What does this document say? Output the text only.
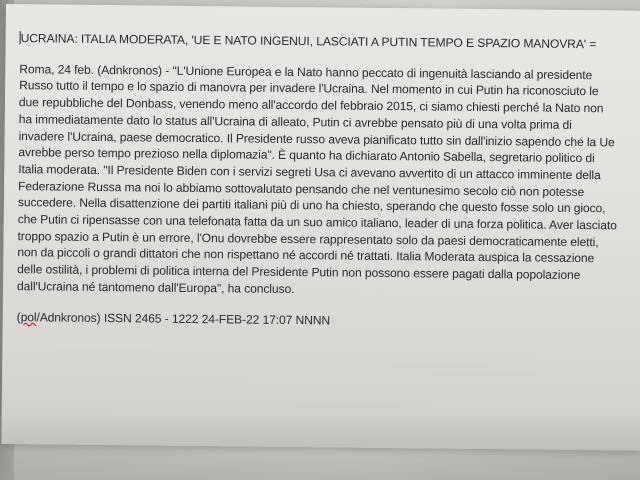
UCRAINA: ITALIA MODERATA, 'UE E NATO INGENUI, LASCIATI A PUTIN TEMPO E SPAZIO MANOVRA' =

Roma, 24 feb. (Adnkronos) - "L'Unione Europea e la Nato hanno peccato di ingenuità lasciando al presidente Russo tutto il tempo e lo spazio di manovra per invadere l'Ucraina. Nel momento in cui Putin ha riconosciuto le due repubbliche del Donbass, venendo meno all'accordo del febbraio 2015, ci siamo chiesti perché la Nato non ha immediatamente dato lo status all'Ucraina di alleato, Putin ci avrebbe pensato più di una volta prima di invadere l'Ucraina, paese democratico. Il Presidente russo aveva pianificato tutto sin dall'inizio sapendo che la Ue avrebbe perso tempo prezioso nella diplomazia". È quanto ha dichiarato Antonio Sabella, segretario politico di Italia moderata. "Il Presidente Biden con i servizi segreti Usa ci avevano avvertito di un attacco imminente della Federazione Russa ma noi lo abbiamo sottovalutato pensando che nel ventunesimo secolo ciò non potesse succedere. Nella disattenzione dei partiti italiani più di uno ha chiesto, sperando che questo fosse solo un gioco, che Putin ci ripensasse con una telefonata fatta da un suo amico italiano, leader di una forza politica. Aver lasciato troppo spazio a Putin è un errore, l'Onu dovrebbe essere rappresentato solo da paesi democraticamente eletti, non da piccoli o grandi dittatori che non rispettano né accordi né trattati. Italia Moderata auspica la cessazione delle ostilità, i problemi di politica interna del Presidente Putin non possono essere pagati dalla popolazione dall'Ucraina né tantomeno dall'Europa", ha concluso.

(pol/Adnkronos) ISSN 2465 - 1222 24-FEB-22 17:07 NNNN
